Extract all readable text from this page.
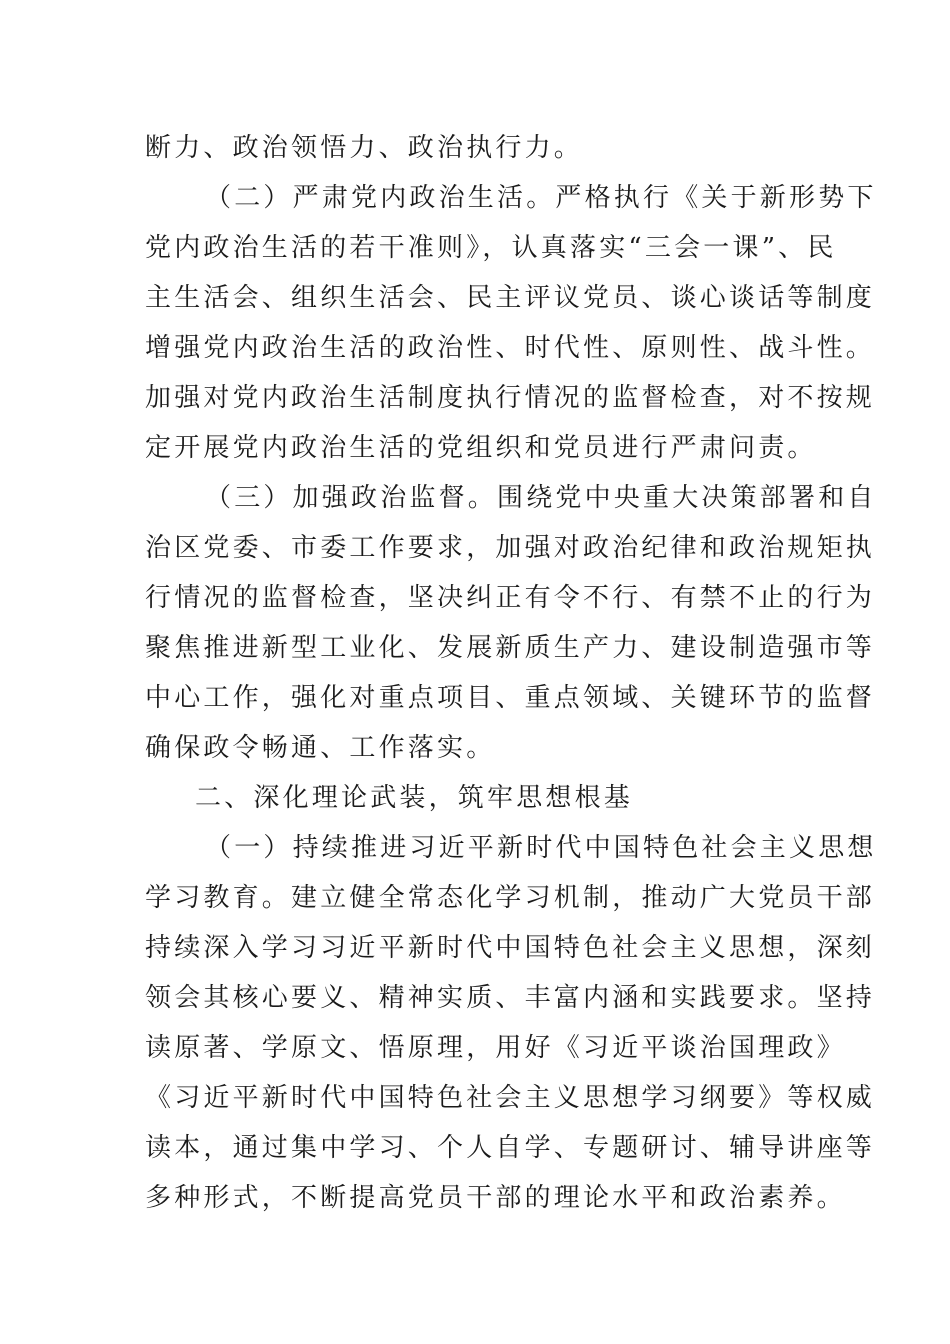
断力、政治领悟力、政治执行力。
（二）严肃党内政治生活。严格执行《关于新形势下
党内政治生活的若干准则》，认真落实“三会一课”、民
主生活会、组织生活会、民主评议党员、谈心谈话等制度
增强党内政治生活的政治性、时代性、原则性、战斗性。
加强对党内政治生活制度执行情况的监督检查，对不按规
定开展党内政治生活的党组织和党员进行严肃问责。
（三）加强政治监督。围绕党中央重大决策部署和自
治区党委、市委工作要求，加强对政治纪律和政治规矩执
行情况的监督检查，坚决纠正有令不行、有禁不止的行为
聚焦推进新型工业化、发展新质生产力、建设制造强市等
中心工作，强化对重点项目、重点领域、关键环节的监督
确保政令畅通、工作落实。
二、深化理论武装，筑牢思想根基
（一）持续推进习近平新时代中国特色社会主义思想
学习教育。建立健全常态化学习机制，推动广大党员干部
持续深入学习习近平新时代中国特色社会主义思想，深刻
领会其核心要义、精神实质、丰富内涵和实践要求。坚持
读原著、学原文、悟原理，用好《习近平谈治国理政》
《习近平新时代中国特色社会主义思想学习纲要》等权威
读本，通过集中学习、个人自学、专题研讨、辅导讲座等
多种形式，不断提高党员干部的理论水平和政治素养。
